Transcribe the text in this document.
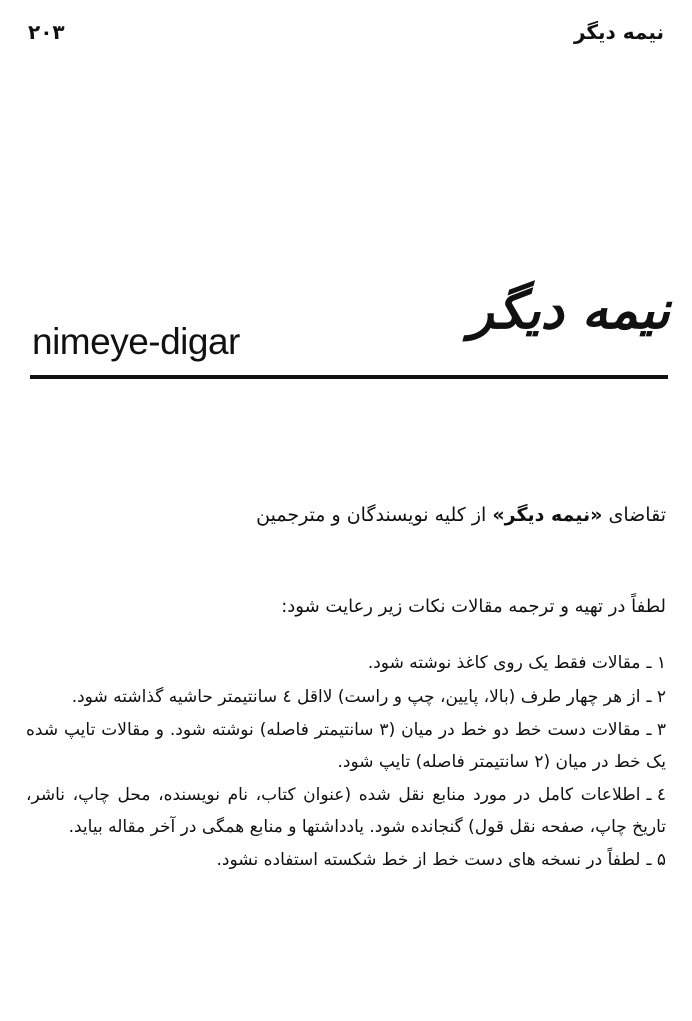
نیمه دیگر
۲۰۳
nimeye-digar
نیمه دیگر

تقاضای «نیمه دیگر» از کلیه نویسندگان و مترجمین

لطفاً در تهیه و ترجمه مقالات نکات زیر رعایت شود:

۱ ـمقالات فقط یک روی کاغذ نوشته شود.
۲ ـاز هر چهار طرف (بالا، پایین، چپ و راست) لااقل ٤ سانتیمتر حاشیه گذاشته شود.
۳ ـمقالات دست خط دو خط در میان (۳ سانتیمتر فاصله) نوشته شود. و مقالات تایپ شده یک خط در میان (۲ سانتیمتر فاصله) تایپ شود.
٤ ـاطلاعات کامل در مورد منابع نقل شده (عنوان کتاب، نام نویسنده، محل چاپ، ناشر، تاریخ چاپ، صفحه نقل قول) گنجانده شود. یادداشتها و منابع همگی در آخر مقاله بیاید.
۵ ـلطفاً در نسخه های دست خط از خط شکسته استفاده نشود.
